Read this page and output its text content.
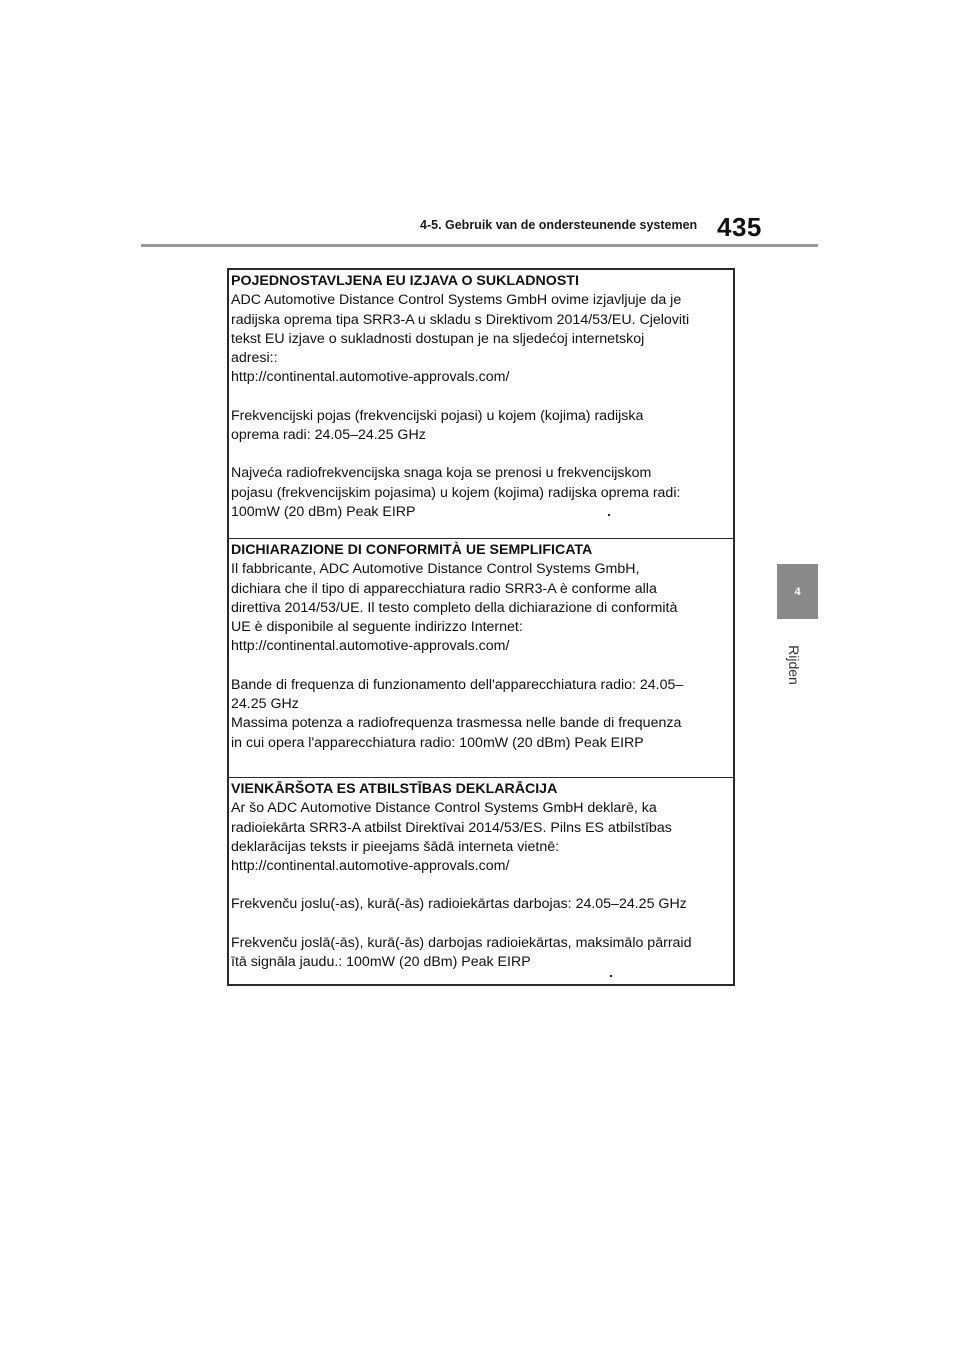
4-5. Gebruik van de ondersteunende systemen 435
4
Rijden

POJEDNOSTAVLJENA EU IZJAVA O SUKLADNOSTI

ADC Automotive Distance Control Systems GmbH ovime izjavljuje da je

radijska oprema tipa SRR3-A u skladu s Direktivom 2014/53/EU. Cjeloviti

tekst EU izjave o sukladnosti dostupan je na sljedećoj internetskoj

adresi::

http://continental.automotive-approvals.com/

Frekvencijski pojas (frekvencijski pojasi) u kojem (kojima) radijska

oprema radi: 24.05–24.25 GHz

Najveća radiofrekvencijska snaga koja se prenosi u frekvencijskom

pojasu (frekvencijskim pojasima) u kojem (kojima) radijska oprema radi:

100mW (20 dBm) Peak EIRP

DICHIARAZIONE DI CONFORMITÀ UE SEMPLIFICATA

Il fabbricante, ADC Automotive Distance Control Systems GmbH,

dichiara che il tipo di apparecchiatura radio SRR3-A è conforme alla

direttiva 2014/53/UE. Il testo completo della dichiarazione di conformità

UE è disponibile al seguente indirizzo Internet:

http://continental.automotive-approvals.com/

Bande di frequenza di funzionamento dell'apparecchiatura radio: 24.05–

24.25 GHz

Massima potenza a radiofrequenza trasmessa nelle bande di frequenza

in cui opera l'apparecchiatura radio: 100mW (20 dBm) Peak EIRP

VIENKĀRŠOTA ES ATBILSTĪBAS DEKLARĀCIJA

Ar šo ADC Automotive Distance Control Systems GmbH deklarē, ka

radioiekārta SRR3-A atbilst Direktīvai 2014/53/ES. Pilns ES atbilstības

deklarācijas teksts ir pieejams šādā interneta vietnē:

http://continental.automotive-approvals.com/

Frekvenču joslu(-as), kurā(-ās) radioiekārtas darbojas: 24.05–24.25 GHz

Frekvenču joslā(-ās), kurā(-ās) darbojas radioiekārtas, maksimālo pārraid

ītā signāla jaudu.: 100mW (20 dBm) Peak EIRP
